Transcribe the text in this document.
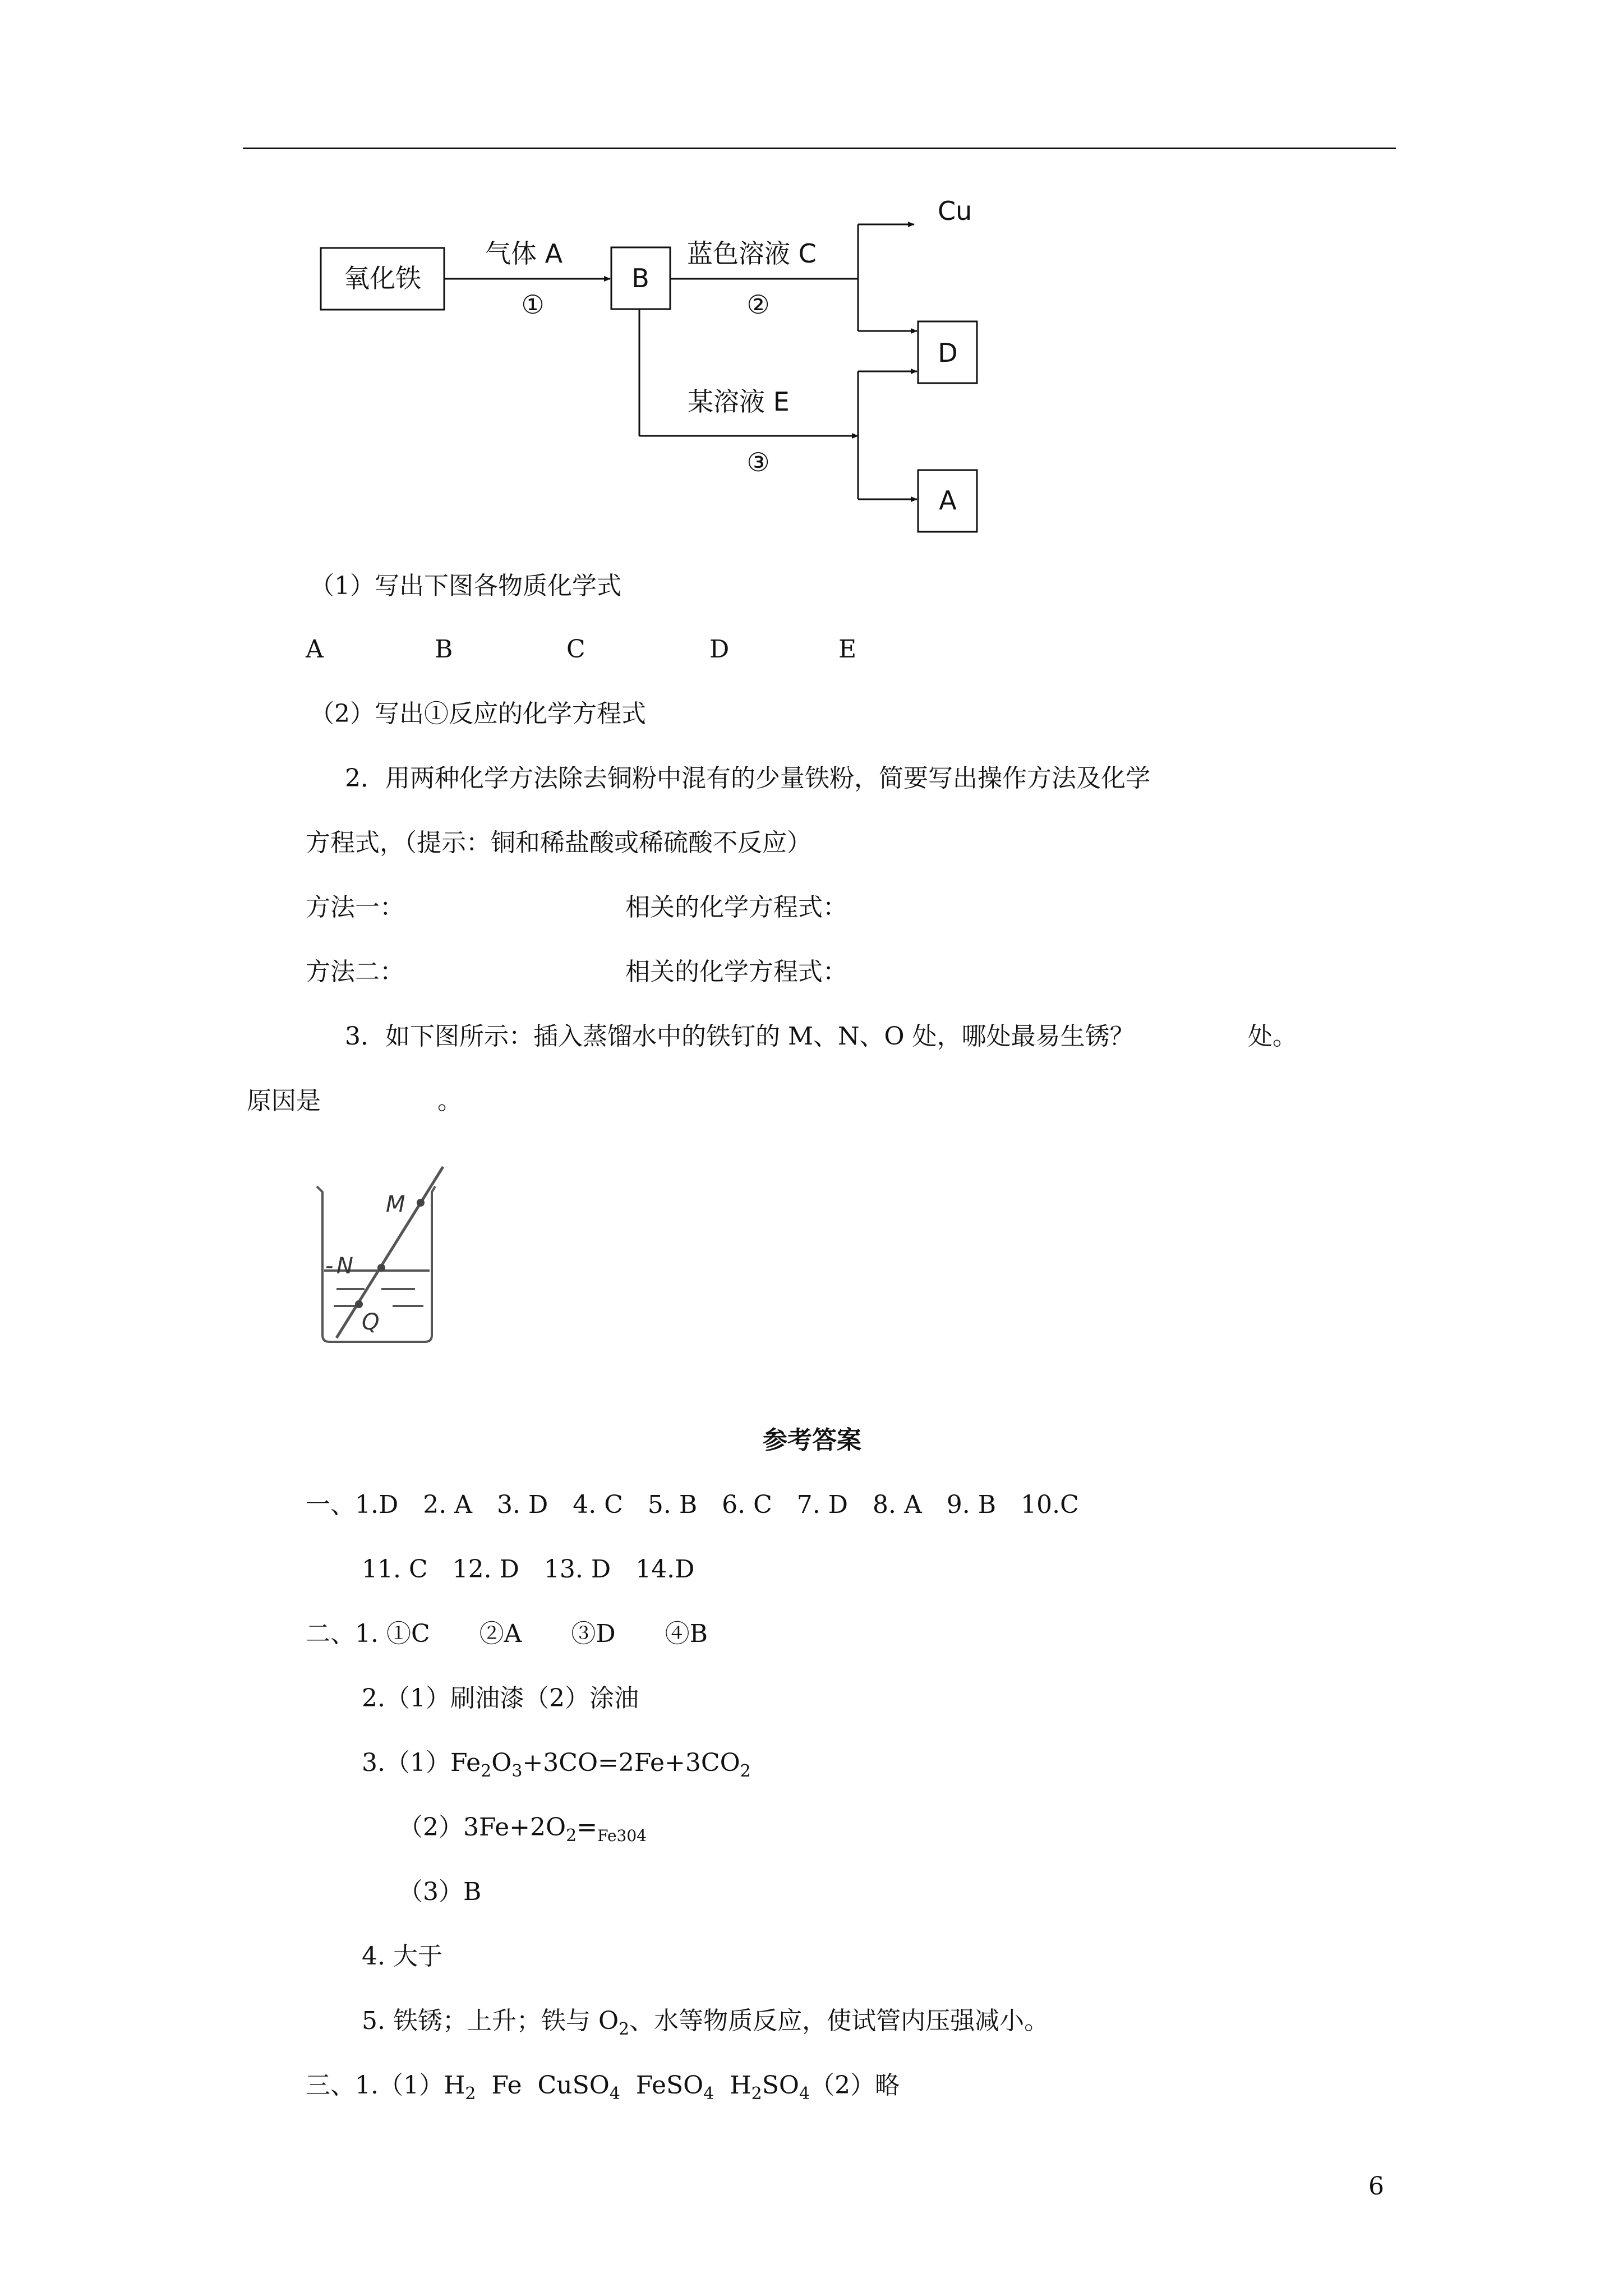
氧化铁
气体 A
①
B
蓝色溶液 C
②
Cu
D
某溶液 E
③
A
（1）写出下图各物质化学式
A	B	C	D	E
（2）写出①反应的化学方程式
2．用两种化学方法除去铜粉中混有的少量铁粉，简要写出操作方法及化学
方程式，（提示：铜和稀盐酸或稀硫酸不反应）
方法一：	相关的化学方程式：
方法二：	相关的化学方程式：
3．如下图所示：插入蒸馏水中的铁钉的 M、N、O 处，哪处最易生锈？	处。
原因是	。
M
- N
Q
参考答案
一、1.D　2. A　3. D　4. C　5. B　6. C　7. D　8. A　9. B　10.C
11. C　12. D　13. D　14.D
二、1. ①C　　②A　　③D　　④B
2.（1）刷油漆（2）涂油
$3.(1)Fe_2O_3+3CO=2Fe+3CO_2$
$(2)3Fe+2O_2=_{Fe304}$
（3）B
4. 大于
5. 铁锈；上升；铁与 $O_2$、水等物质反应，使试管内压强减小。
三、$1.(1)H_2$  Fe  CuSO$_4$  FeSO$_4$  $H_2SO_4(2)$略
6
